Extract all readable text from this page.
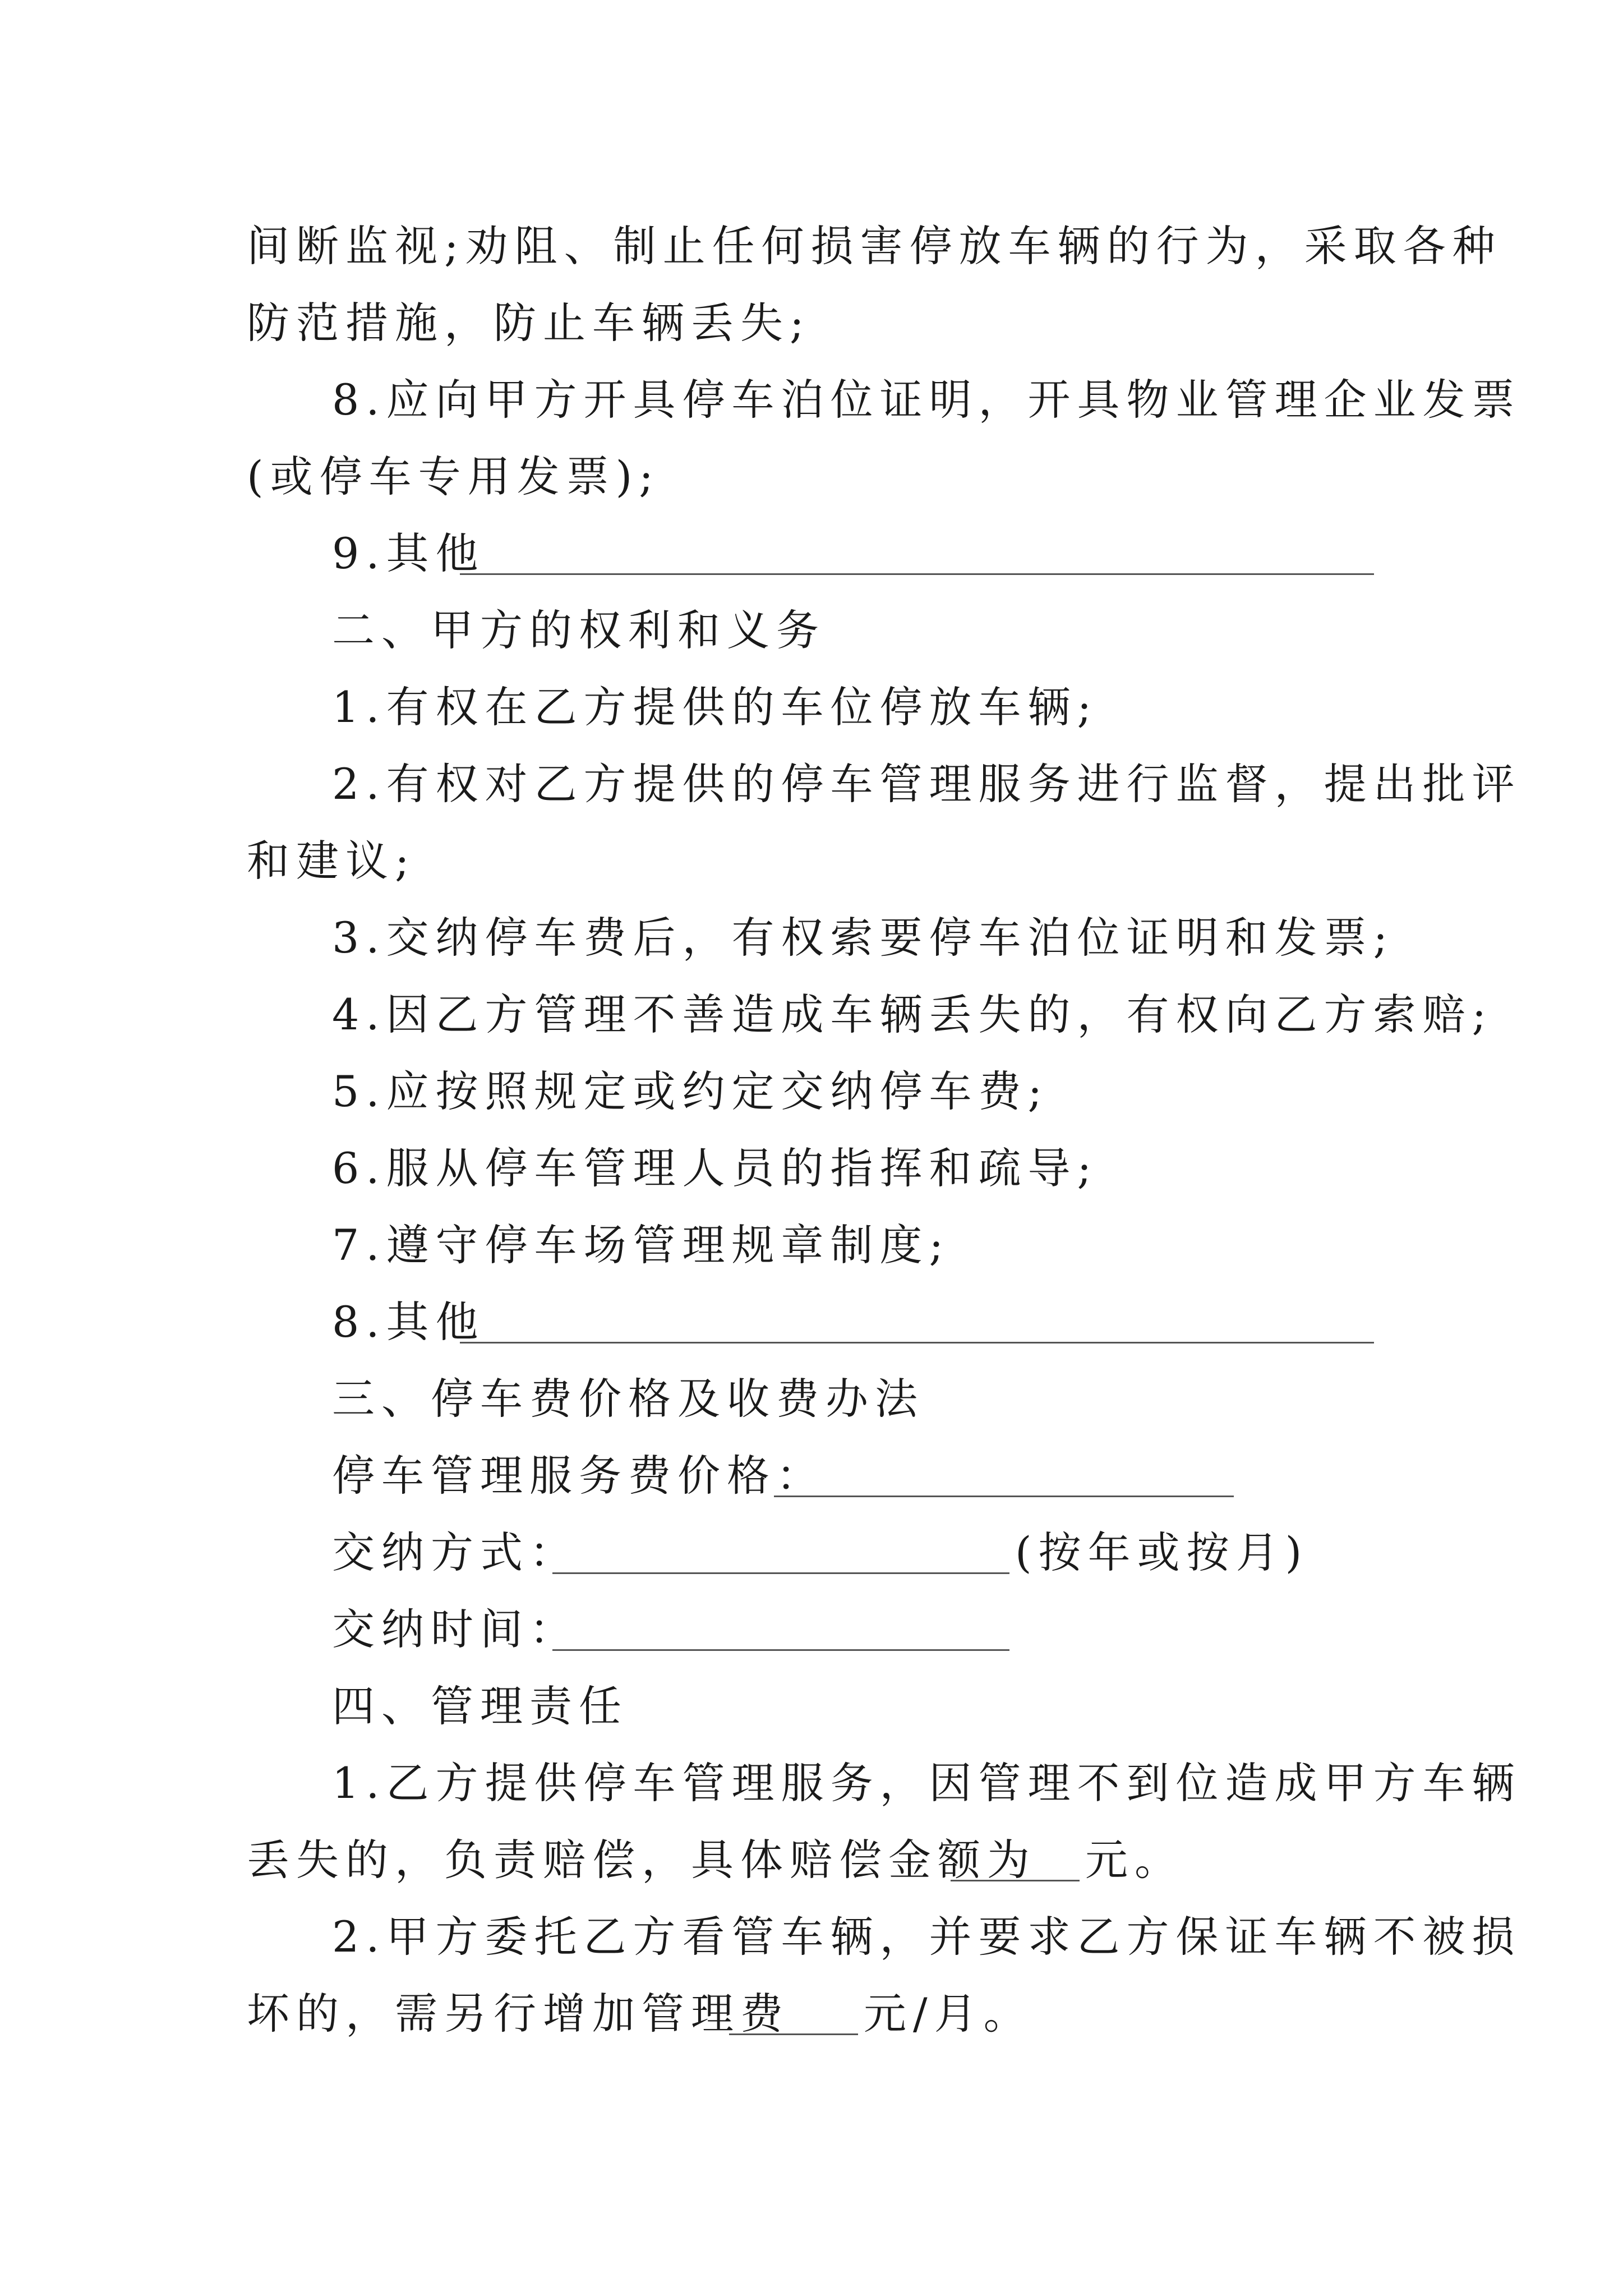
间断监视;劝阻、制止任何损害停放车辆的行为，采取各种
防范措施，防止车辆丢失;
8.应向甲方开具停车泊位证明，开具物业管理企业发票
(或停车专用发票);
9.其他
二、甲方的权利和义务
1.有权在乙方提供的车位停放车辆;
2.有权对乙方提供的停车管理服务进行监督，提出批评
和建议;
3.交纳停车费后，有权索要停车泊位证明和发票;
4.因乙方管理不善造成车辆丢失的，有权向乙方索赔;
5.应按照规定或约定交纳停车费;
6.服从停车管理人员的指挥和疏导;
7.遵守停车场管理规章制度;
8.其他
三、停车费价格及收费办法
停车管理服务费价格：
交纳方式：	(按年或按月)
交纳时间：
四、管理责任
1.乙方提供停车管理服务，因管理不到位造成甲方车辆
丢失的，负责赔偿，具体赔偿金额为 元。
2.甲方委托乙方看管车辆，并要求乙方保证车辆不被损
坏的，需另行增加管理费 元/月。
